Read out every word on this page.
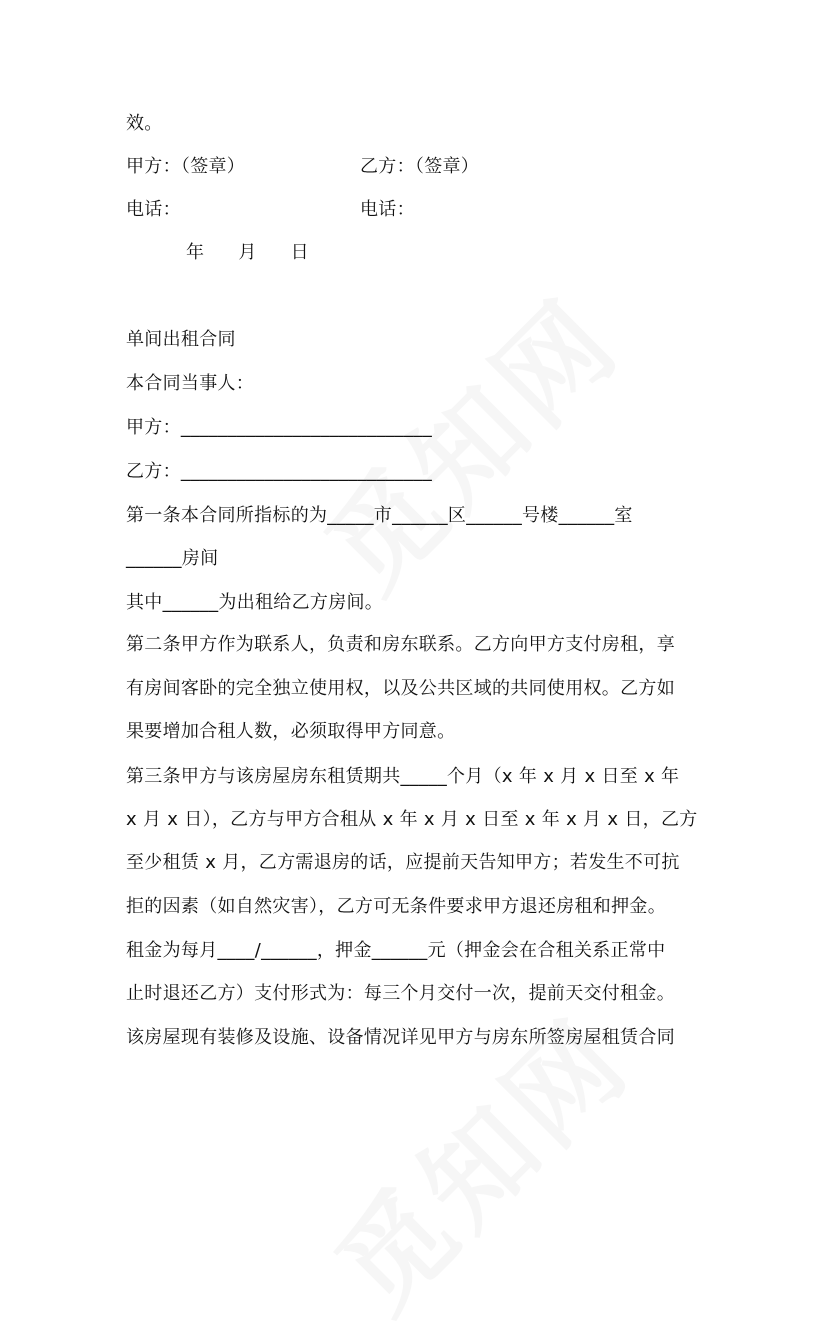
效。
甲方：（签章）	乙方：（签章）
电话：	电话：
年 月 日
单间出租合同
本合同当事人：
甲方：___________________________
乙方：___________________________
第一条本合同所指标的为_____市______区______号楼______室
______房间
其中______为出租给乙方房间。
第二条甲方作为联系人，负责和房东联系。乙方向甲方支付房租，享
有房间客卧的完全独立使用权，以及公共区域的共同使用权。乙方如
果要增加合租人数，必须取得甲方同意。
第三条甲方与该房屋房东租赁期共_____个月（x 年 x 月 x 日至 x 年
x 月 x 日），乙方与甲方合租从 x 年 x 月 x 日至 x 年 x 月 x 日，乙方
至少租赁 x 月，乙方需退房的话，应提前天告知甲方；若发生不可抗
拒的因素（如自然灾害），乙方可无条件要求甲方退还房租和押金。
租金为每月____/______，押金______元（押金会在合租关系正常中
止时退还乙方）支付形式为：每三个月交付一次，提前天交付租金。
该房屋现有装修及设施、设备情况详见甲方与房东所签房屋租赁合同
